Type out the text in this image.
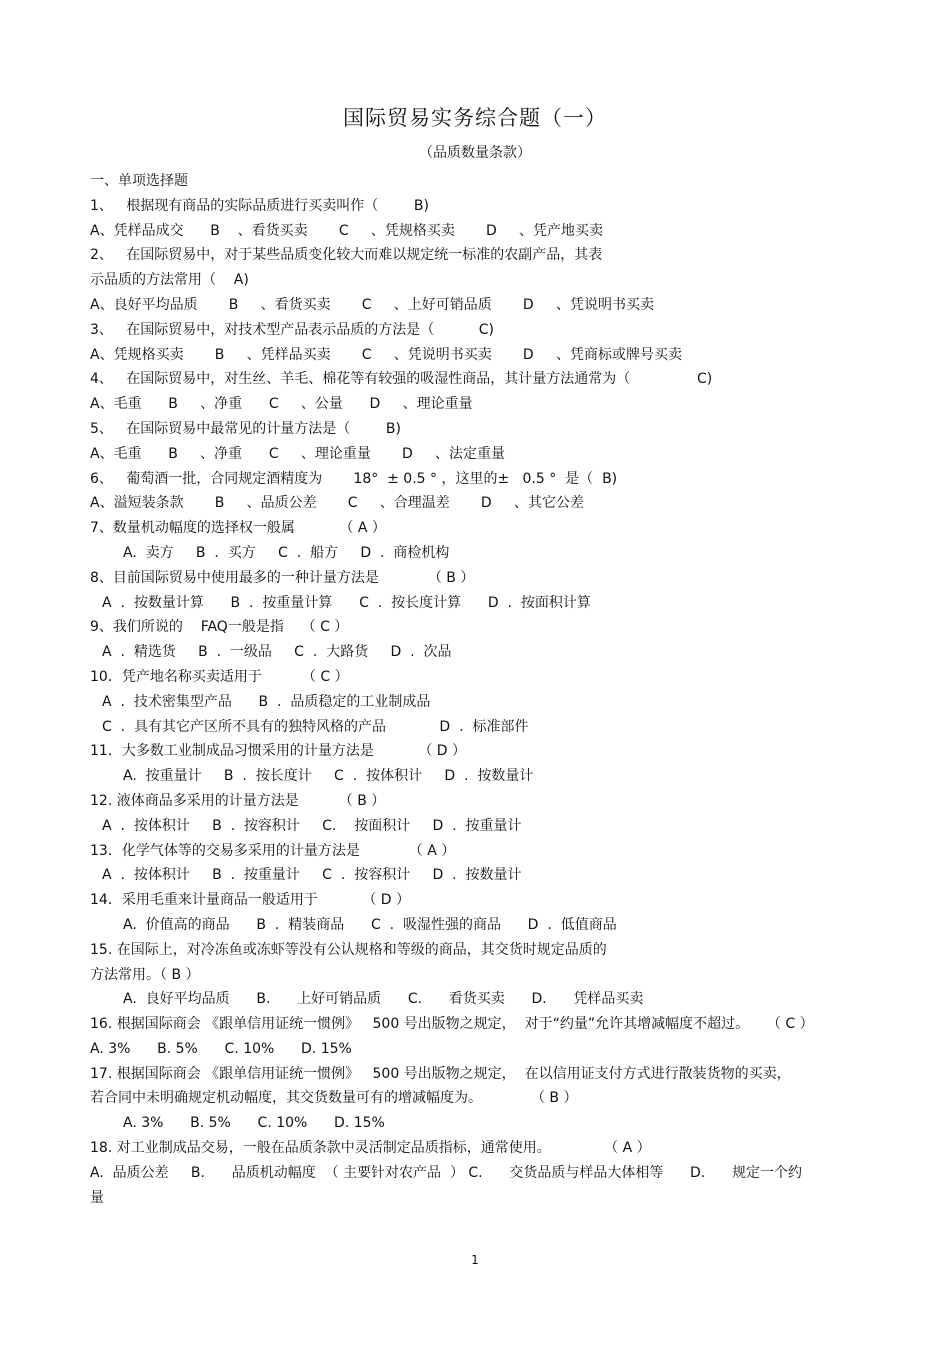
国际贸易实务综合题（一）
（品质数量条款）
一、单项选择题
1、   根据现有商品的实际品质进行买卖叫作（        B)
A、凭样品成交      B    、看货买卖       C     、凭规格买卖       D     、凭产地买卖
2、   在国际贸易中，对于某些品质变化较大而难以规定统一标准的农副产品，其表
示品质的方法常用（    A)
A、良好平均品质       B     、看货买卖       C     、上好可销品质       D     、凭说明书买卖
3、   在国际贸易中，对技术型产品表示品质的方法是（          C)
A、凭规格买卖       B     、凭样品买卖       C     、凭说明书买卖       D     、凭商标或牌号买卖
4、   在国际贸易中，对生丝、羊毛、棉花等有较强的吸湿性商品，其计量方法通常为（               C)
A、毛重      B     、净重      C     、公量      D     、理论重量
5、   在国际贸易中最常见的计量方法是（        B)
A、毛重      B     、净重      C     、理论重量       D     、法定重量
6、   葡萄酒一批，合同规定酒精度为       18°  ± 0.5 ° ，这里的±   0.5 °  是（  B)
A、溢短装条款       B     、品质公差       C     、合理温差       D     、其它公差
7、数量机动幅度的选择权一般属          （ A ）
A.  卖方     B  .  买方     C  .  船方     D  .  商检机构
8、目前国际贸易中使用最多的一种计量方法是           （ B ）
A  .  按数量计算      B  .  按重量计算      C  .  按长度计算      D  .  按面积计算
9、我们所说的    FAQ一般是指    （ C ）
A  .  精选货     B  .  一级品     C  .  大路货     D  .  次品
10．凭产地名称买卖适用于         （ C ）
A  .  技术密集型产品      B  .  品质稳定的工业制成品
C  .  具有其它产区所不具有的独特风格的产品            D  .  标准部件
11．大多数工业制成品习惯采用的计量方法是          （ D ）
A.  按重量计     B  .  按长度计     C  .  按体积计     D  .  按数量计
12. 液体商品多采用的计量方法是         （ B ）
A  .  按体积计     B  .  按容积计     C.    按面积计     D  .  按重量计
13．化学气体等的交易多采用的计量方法是           （ A ）
A  .  按体积计     B  .  按重量计     C  .  按容积计     D  .  按数量计
14．采用毛重来计量商品一般适用于          （ D ）
A.  价值高的商品      B  .  精装商品      C  .  吸湿性强的商品      D  .  低值商品
15. 在国际上，对冷冻鱼或冻虾等没有公认规格和等级的商品，其交货时规定品质的
方法常用。（ B ）
A.  良好平均品质      B.      上好可销品质      C.      看货买卖      D.      凭样品买卖
16. 根据国际商会 《跟单信用证统一惯例》   500 号出版物之规定，  对于“约量”允许其增减幅度不超过。    （ C ）
A. 3%      B. 5%      C. 10%      D. 15%
17. 根据国际商会 《跟单信用证统一惯例》   500 号出版物之规定，  在以信用证支付方式进行散装货物的买卖，
若合同中未明确规定机动幅度，其交货数量可有的增减幅度为。           （ B ）
A. 3%      B. 5%      C. 10%      D. 15%
18. 对工业制成品交易，一般在品质条款中灵活制定品质指标，通常使用。            （ A ）
A.  品质公差     B.      品质机动幅度  （ 主要针对农产品  ） C.      交货品质与样品大体相等      D.      规定一个约
量
1
